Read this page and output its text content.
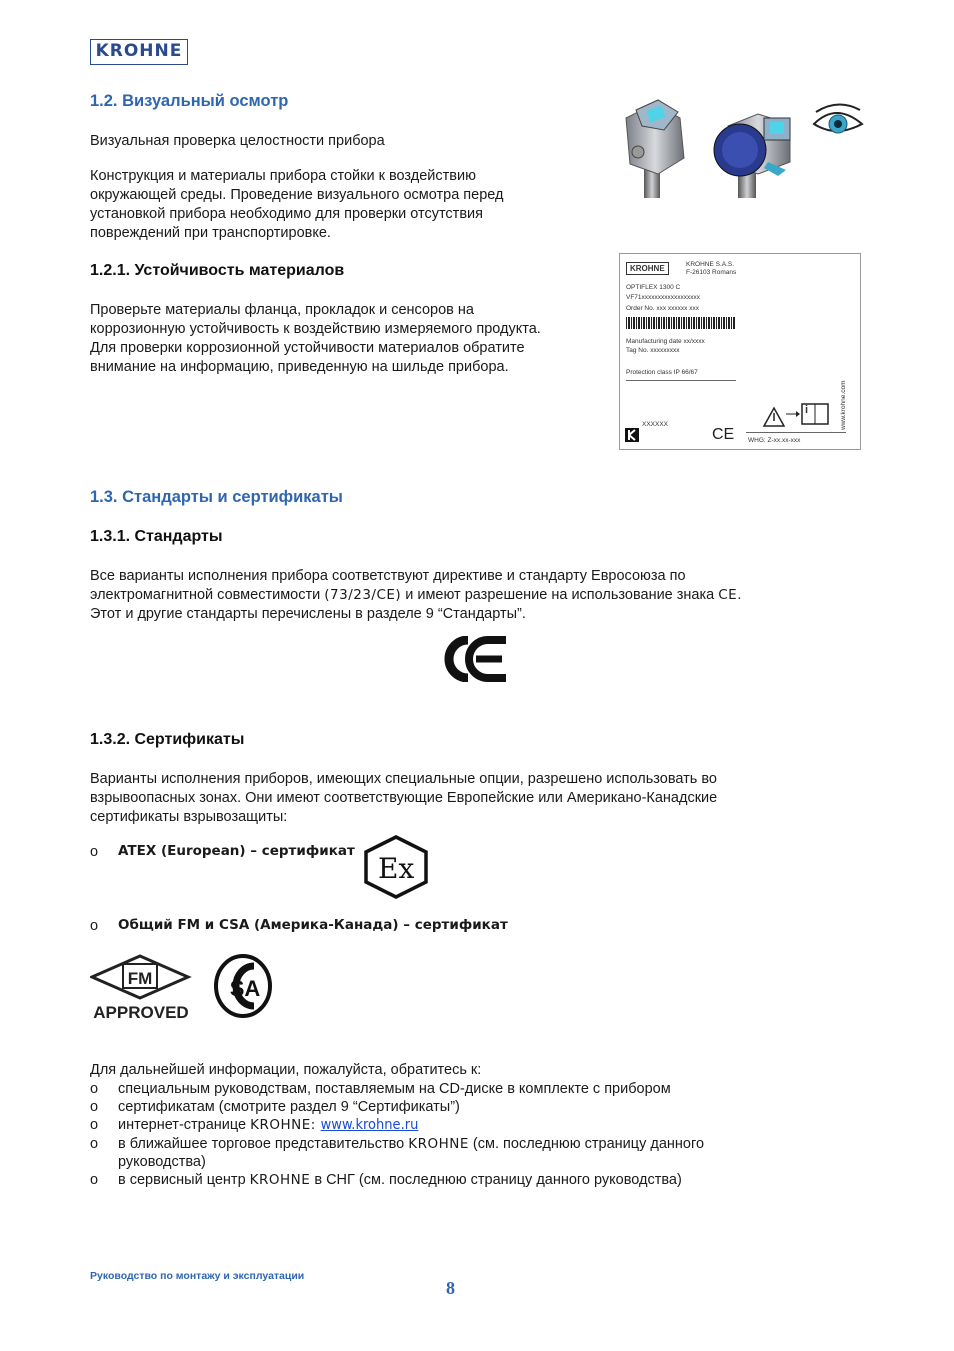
KROHNE
1.2. Визуальный осмотр
Визуальная проверка целостности прибора
Конструкция и материалы прибора стойки к воздействию
окружающей среды. Проведение визуального осмотра перед
установкой прибора необходимо для проверки отсутствия
повреждений при транспортировке.
1.2.1. Устойчивость материалов
Проверьте материалы фланца, прокладок и сенсоров на
коррозионную устойчивость к воздействию измеряемого продукта.
Для проверки коррозионной устойчивости материалов обратите
внимание на информацию, приведенную на шильде прибора.
KROHNE	KROHNE S.A.S.
F-26103 Romans
OPTIFLEX 1300 C
VF71xxxxxxxxxxxxxxxxxx
Order No. xxx xxxxxx xxx
Manufacturing date xx/xxxx
Tag No. xxxxxxxxx
Protection class IP 66/67
XXXXXX
CE
i
WHG: Z-xx.xx-xxx
www.krohne.com
1.3. Стандарты и сертификаты
1.3.1. Стандарты
Все варианты исполнения прибора соответствуют директиве и стандарту Евросоюза по
электромагнитной совместимости (73/23/CE) и имеют разрешение на использование знака CE.
Этот и другие стандарты перечислены в разделе 9 “Стандарты”.
1.3.2. Сертификаты
Варианты исполнения приборов, имеющих специальные опции, разрешено использовать во
взрывоопасных зонах. Они имеют соответствующие Европейские или Американо-Канадские
сертификаты взрывозащиты:
o ATEX (European) – сертификат
Ex
o Общий FM и CSA (Америка-Канада) – сертификат
FM
APPROVED
SA
Для дальнейшей информации, пожалуйста, обратитесь к:
o специальным руководствам, поставляемым на CD-диске в комплекте с прибором
o сертификатам (смотрите раздел 9 “Сертификаты”)
o интернет-странице KROHNE: www.krohne.ru
o в ближайшее торговое представительство KROHNE (см. последнюю страницу данного
руководства)
o в сервисный центр KROHNE в СНГ (см. последнюю страницу данного руководства)
Руководство по монтажу и эксплуатации
8
